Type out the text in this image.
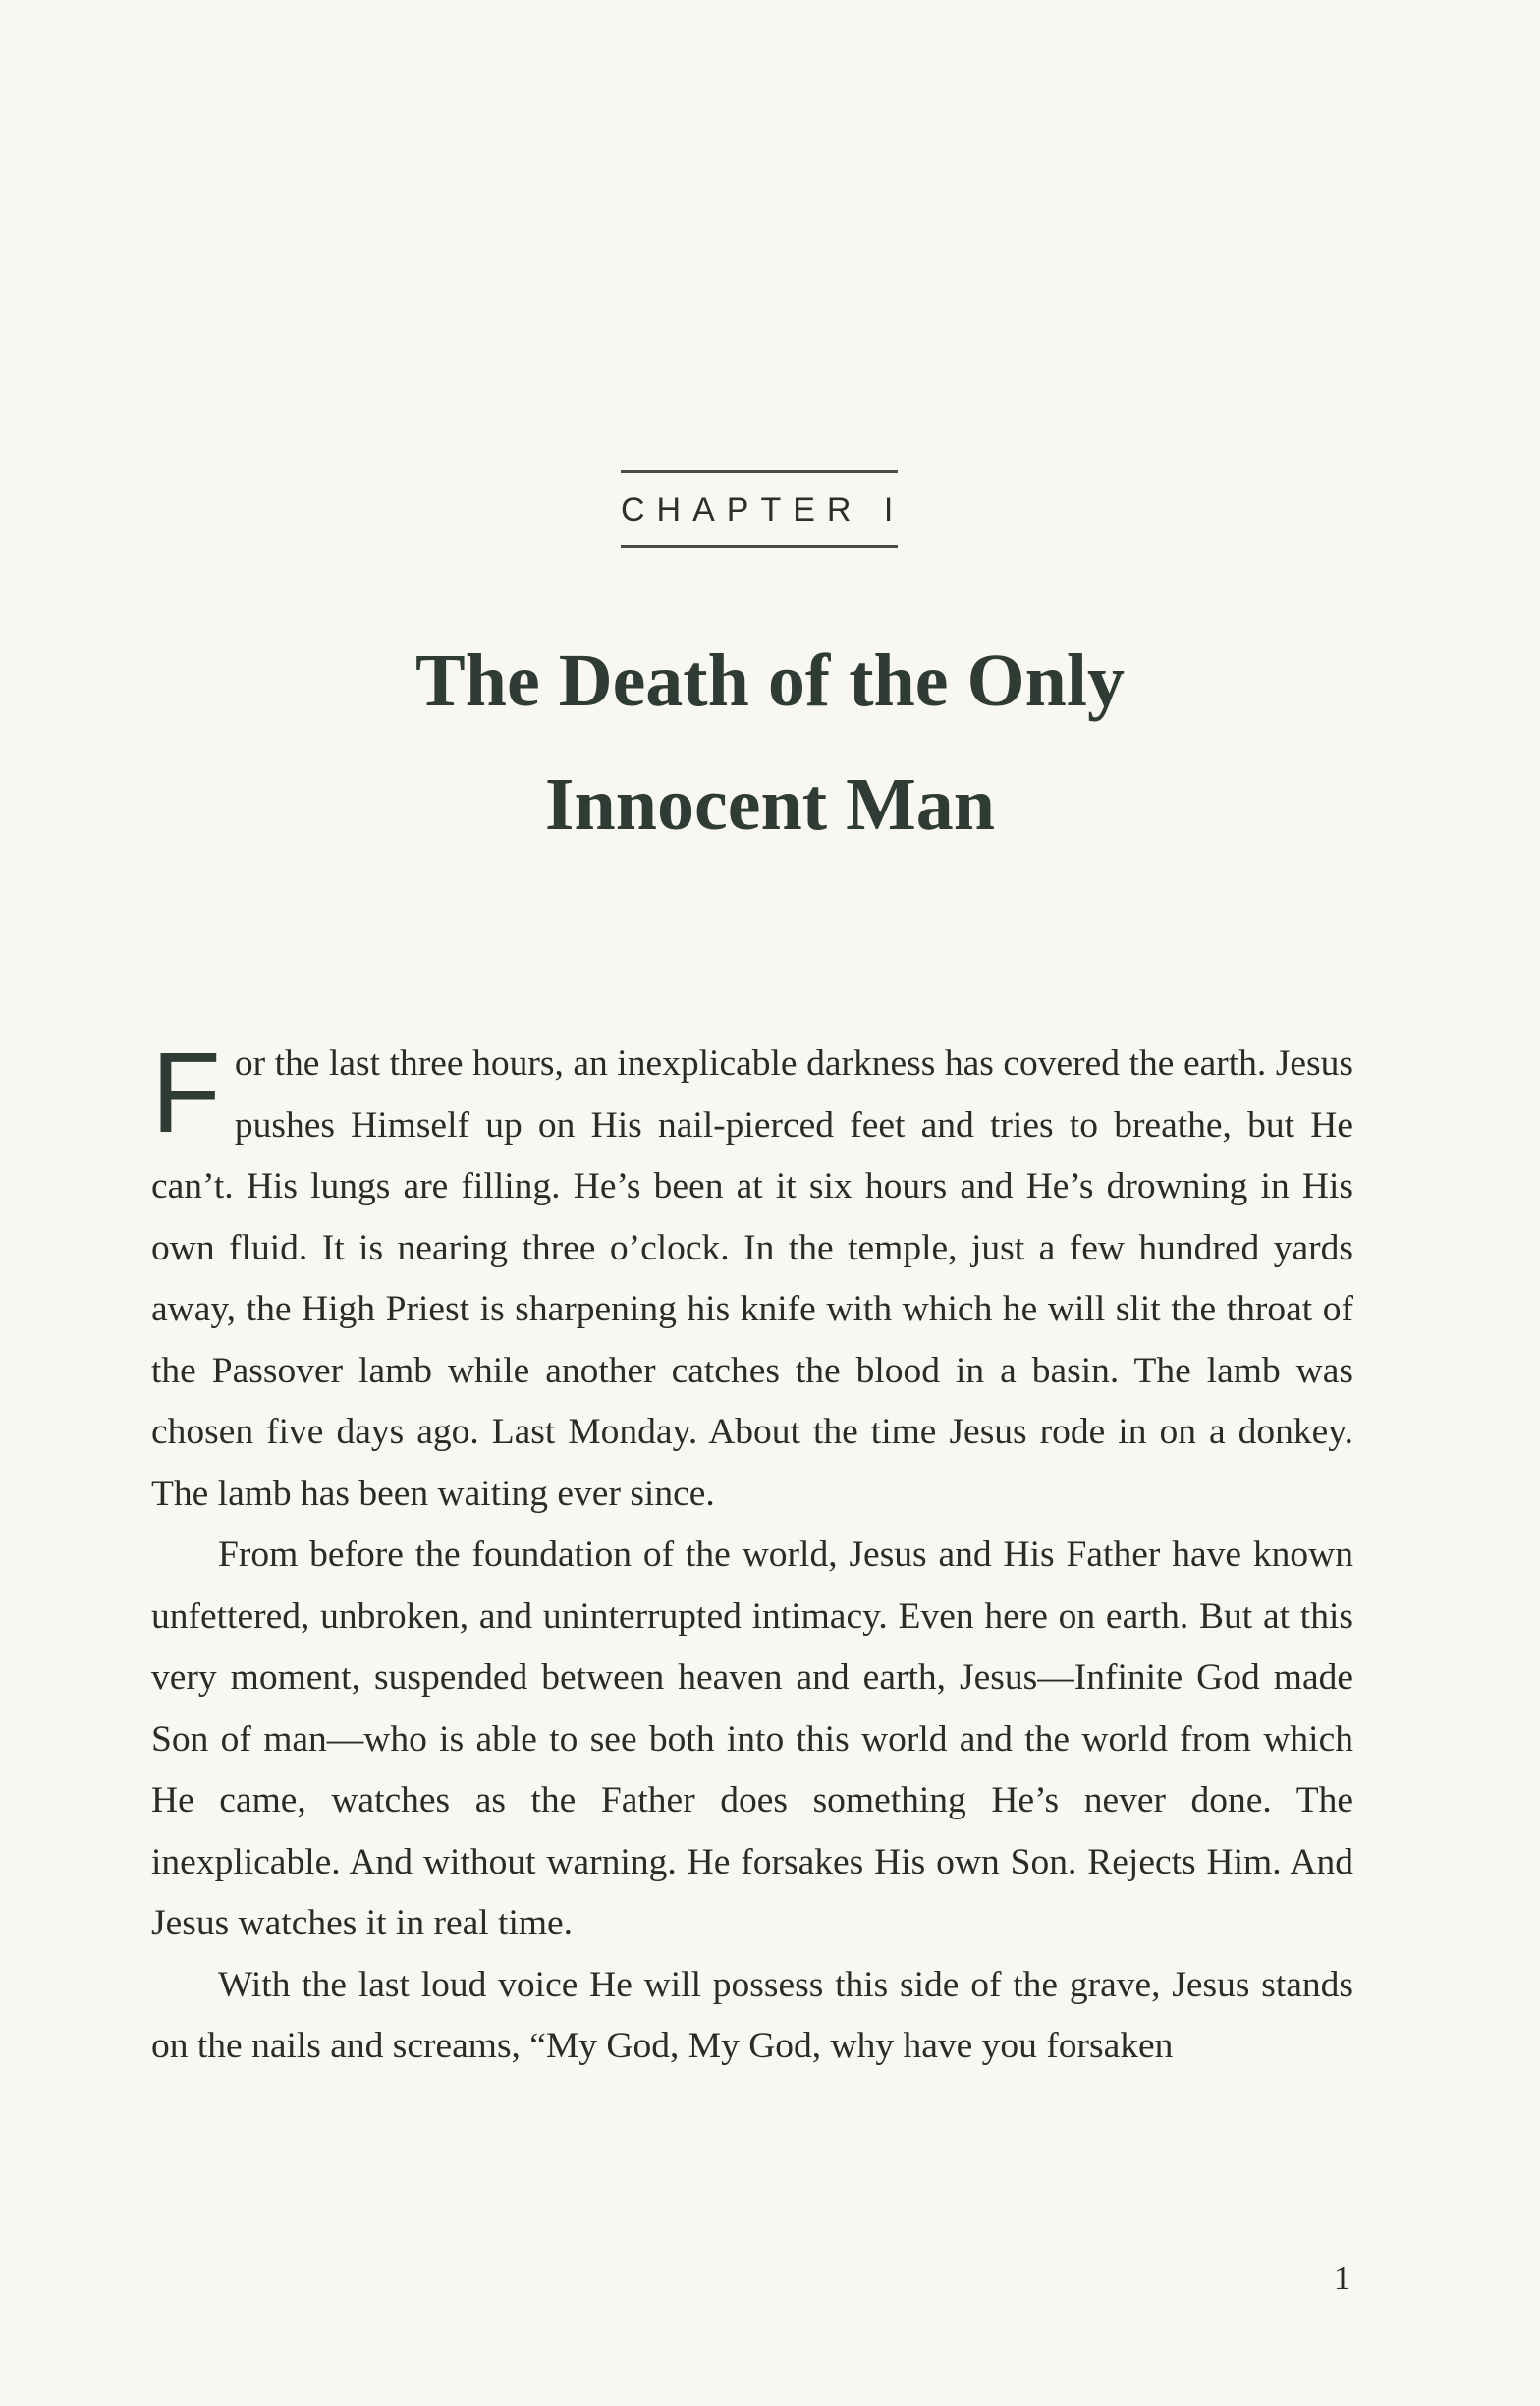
CHAPTER I
The Death of the Only
Innocent Man

For the last three hours, an inexplicable darkness has covered the earth. Jesus pushes Himself up on His nail-pierced feet and tries to breathe, but He can’t. His lungs are filling. He’s been at it six hours and He’s drowning in His own fluid. It is nearing three o’clock. In the temple, just a few hundred yards away, the High Priest is sharpening his knife with which he will slit the throat of the Passover lamb while another catches the blood in a basin. The lamb was chosen five days ago. Last Monday. About the time Jesus rode in on a donkey. The lamb has been waiting ever since.

From before the foundation of the world, Jesus and His Father have known unfettered, unbroken, and uninterrupted intimacy. Even here on earth. But at this very moment, suspended between heaven and earth, Jesus—Infinite God made Son of man—who is able to see both into this world and the world from which He came, watches as the Father does something He’s never done. The inexplicable. And without warning. He forsakes His own Son. Rejects Him. And Jesus watches it in real time.

With the last loud voice He will possess this side of the grave, Jesus stands on the nails and screams, “My God, My God, why have you forsaken

1
